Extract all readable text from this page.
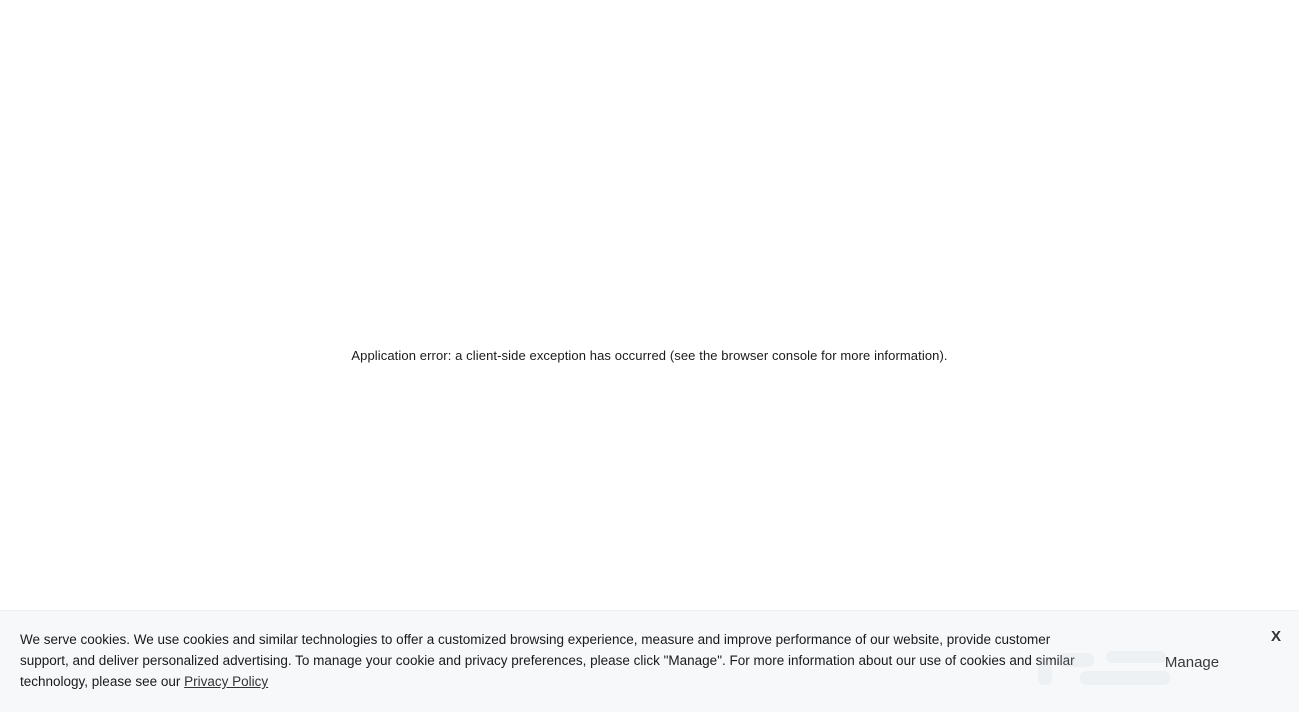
Application error: a client-side exception has occurred (see the browser console for more information).
We serve cookies. We use cookies and similar technologies to offer a customized browsing experience, measure and improve performance of our website, provide customer support, and deliver personalized advertising. To manage your cookie and privacy preferences, please click "Manage". For more information about our use of cookies and similar technology, please see our Privacy Policy
Manage
X
